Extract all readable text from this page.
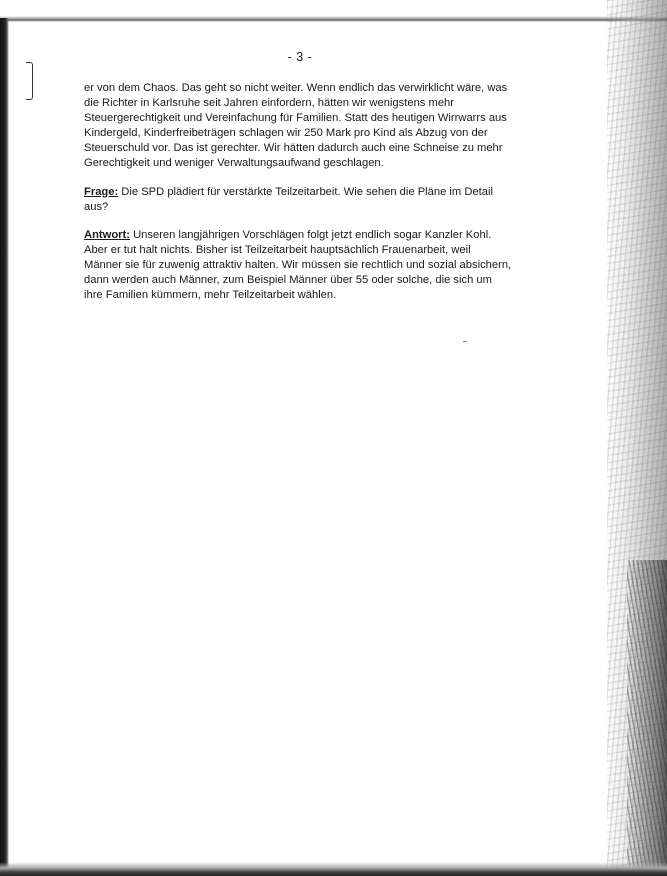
- 3 -

er von dem Chaos. Das geht so nicht weiter. Wenn endlich das verwirklicht wäre, was
die Richter in Karlsruhe seit Jahren einfordern, hätten wir wenigstens mehr
Steuergerechtigkeit und Vereinfachung für Familien. Statt des heutigen Wirrwarrs aus
Kindergeld, Kinderfreibeträgen schlagen wir 250 Mark pro Kind als Abzug von der
Steuerschuld vor. Das ist gerechter. Wir hätten dadurch auch eine Schneise zu mehr
Gerechtigkeit und weniger Verwaltungsaufwand geschlagen.

Frage: Die SPD plädiert für verstärkte Teilzeitarbeit. Wie sehen die Pläne im Detail
aus?

Antwort: Unseren langjährigen Vorschlägen folgt jetzt endlich sogar Kanzler Kohl.
Aber er tut halt nichts. Bisher ist Teilzeitarbeit hauptsächlich Frauenarbeit, weil
Männer sie für zuwenig attraktiv halten. Wir müssen sie rechtlich und sozial absichern,
dann werden auch Männer, zum Beispiel Männer über 55 oder solche, die sich um
ihre Familien kümmern, mehr Teilzeitarbeit wählen.
